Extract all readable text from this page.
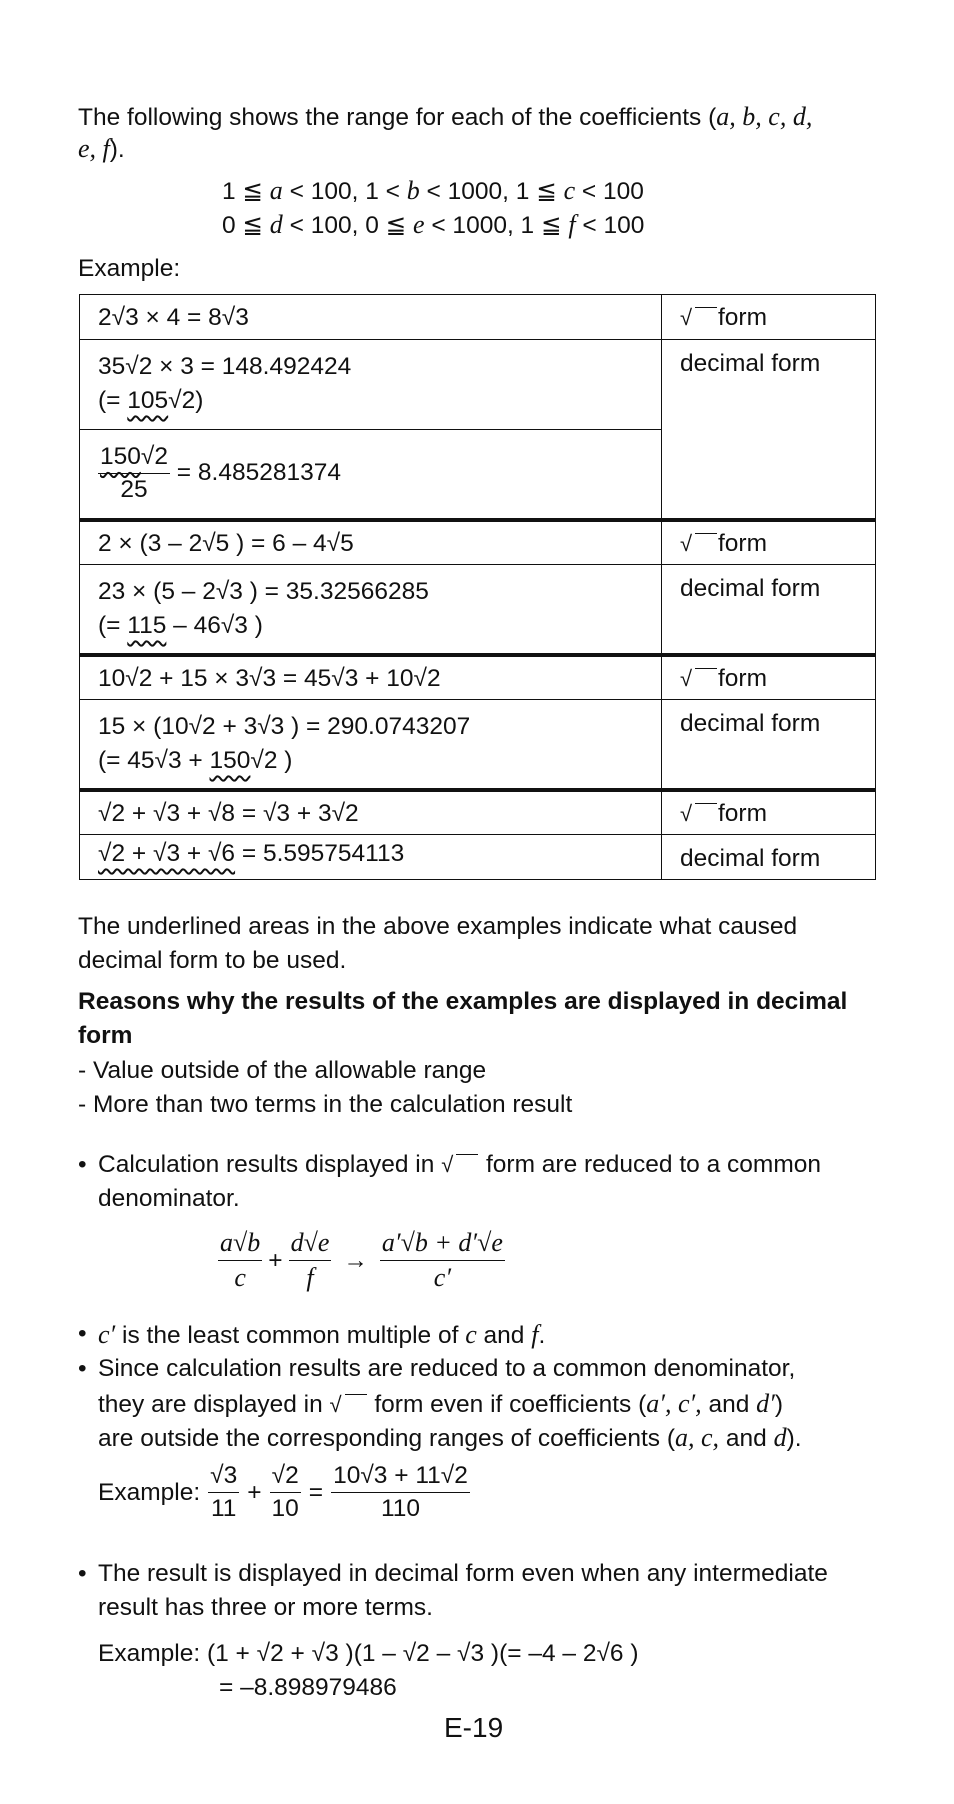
The following shows the range for each of the coefficients (a, b, c, d,
e, f).
1 ≦ a < 100, 1 < b < 1000, 1 ≦ c < 100
0 ≦ d < 100, 0 ≦ e < 1000, 1 ≦ f < 100
Example:
2√3 × 4 = 8√3	√ form

35√2 × 3 = 148.492424
(= 105√2)	decimal form

$\frac{150√2}{25} = 8.485281374$	
2 × (3 – 2√5 ) = 6 – 4√5	√ form

23 × (5 – 2√3 ) = 35.32566285
(= 115 – 46√3 )	decimal form
10√2 + 15 × 3√3 = 45√3 + 10√2	√ form

15 × (10√2 + 3√3 ) = 290.0743207
(= 45√3 + 150√2 )	decimal form
√2 + √3 + √8 = √3 + 3√2	√ form
√2 + √3 + √6 = 5.595754113	decimal form
The underlined areas in the above examples indicate what caused decimal form to be used.
Reasons why the results of the examples are displayed in decimal form
- Value outside of the allowable range
- More than two terms in the calculation result
• Calculation results displayed in √ form are reduced to a common
denominator.
$\frac{a√b}{c} + \frac{d√e}{f} \to \frac{a'√b + d'√e}{c'}$
• c′ is the least common multiple of c and f.
• Since calculation results are reduced to a common denominator,
they are displayed in √ form even if coefficients (a′, c′, and d′)
are outside the corresponding ranges of coefficients (a, c, and d).
Example: $\frac{√3}{11} + \frac{√2}{10} = \frac{10√3 + 11√2}{110}$
• The result is displayed in decimal form even when any intermediate
result has three or more terms.
Example: (1 + √2 + √3 )(1 – √2 – √3 )(= –4 – 2√6 )
= –8.898979486
E-19
